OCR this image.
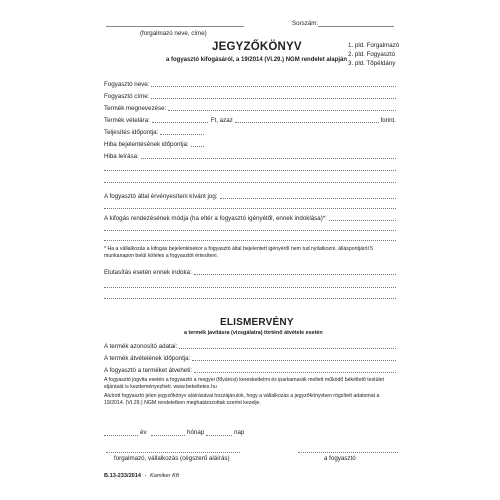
Sorszám:
(forgalmazó neve, címe)
JEGYZŐKÖNYV
a fogyasztó kifogásáról, a 19/2014 (VI.29.) NGM rendelet alapján
1. pld. Forgalmazó
2. pld. Fogyasztó
3. pld. Tőpéldány
Fogyasztó neve:
Fogyasztó címe:
Termék megnevezése:
Termék vételára:	Ft, azaz	forint.
Teljesítés időpontja:
Hiba bejelentésének időpontja:
Hiba leírása:
A fogyasztó által érvényesíteni kívánt jog:
A kifogás rendezésének módja (ha eltér a fogyasztó igényétől, ennek indoklása)*:
* Ha a vállalkozás a kifogás bejelentésekor a fogyasztó által bejelentett igényéről nem tud nyilatkozni, álláspontjáról 5 munkanapon belül köteles a fogyasztót értesíteni.
Elutasítás esetén ennek indoka:
ELISMERVÉNY
a termék javításra (vizsgálatra) történő átvétele esetén
A termék azonosító adatai:
A termék átvételének időpontja:
A fogyasztó a terméket átveheti:
A fogyasztó jogvita esetén a fogyasztó a megyei (fővárosi) kereskedelmi és iparkamarák mellett működő békéltető testület eljárását is kezdeményezheti. www.bekeltetes.hu
Aluírott fogyasztó jelen jegyzőkönyv aláírásával hozzájárulok, hogy a vállalkozás a jegyzőkönyvben rögzített adatomat a 19/2014. (VI.29.) NGM rendeletben meghatározottak szerint kezelje.
év	hónap	nap
forgalmazó, vállalkozás (cégszerű aláírás)	a fogyasztó
B.13-233/2014 - Kamiker Kft
